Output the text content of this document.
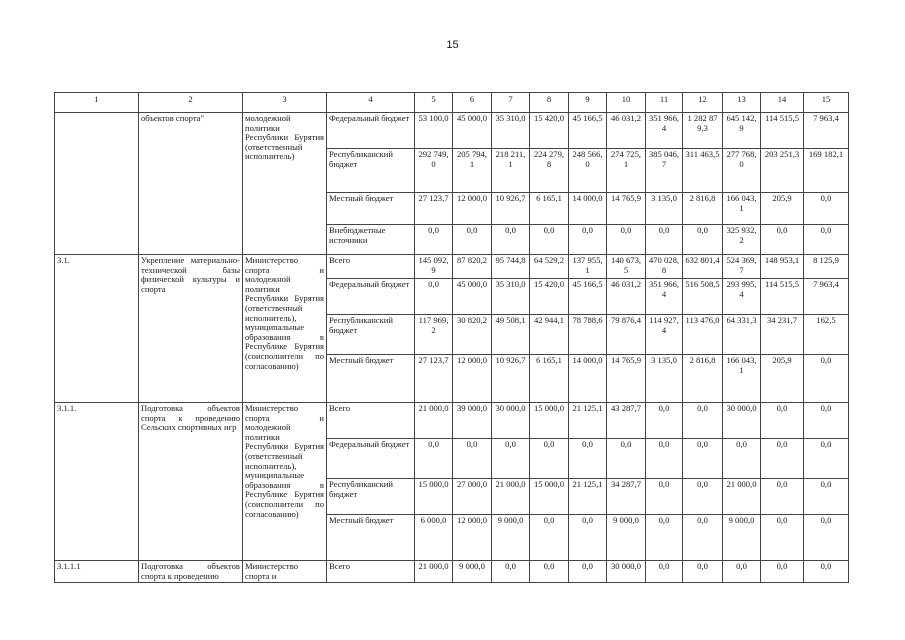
15
1	2	3	4	5	6	7	8	9	10	11	12	13	14	15
	объектов спорта"	молодежной политики Республики Бурятия (ответственный исполнитель)	Федеральный бюджет	53 100,0	45 000,0	35 310,0	15 420,0	45 166,5	46 031,2	351 966,4	1 282 879,3	645 142,9	114 515,5	7 963,4
			Республиканский бюджет	292 749,0	205 794,1	218 211,1	224 279,8	248 566,0	274 725,1	385 046,7	311 463,5	277 768,0	203 251,3	169 182,1
			Местный бюджет	27 123,7	12 000,0	10 926,7	6 165,1	14 000,0	14 765,9	3 135,0	2 816,8	166 043,1	205,9	0,0
			Внебюджетные источники	0,0	0,0	0,0	0,0	0,0	0,0	0,0	0,0	325 932,2	0,0	0,0
3.1.	Укрепление материально-технической базы физической культуры и спорта	Министерство спорта и молодежной политики Республики Бурятия (ответственный исполнитель), муниципальные образования в Республике Бурятия (соисполнители по согласованию)	Всего	145 092,9	87 820,2	95 744,8	64 529,2	137 955,1	140 673,5	470 028,8	632 801,4	524 369,7	148 953,1	8 125,9
			Федеральный бюджет	0,0	45 000,0	35 310,0	15 420,0	45 166,5	46 031,2	351 966,4	516 508,5	293 995,4	114 515,5	7 963,4
			Республиканский бюджет	117 969,2	30 820,2	49 508,1	42 944,1	78 788,6	79 876,4	114 927,4	113 476,0	64 331,3	34 231,7	162,5
			Местный бюджет	27 123,7	12 000,0	10 926,7	6 165,1	14 000,0	14 765,9	3 135,0	2 816,8	166 043,1	205,9	0,0
3.1.1.	Подготовка объектов спорта к проведению Сельских спортивных игр	Министерство спорта и молодежной политики Республики Бурятия (ответственный исполнитель), муниципальные образования в Республике Бурятия (соисполнители по согласованию)	Всего	21 000,0	39 000,0	30 000,0	15 000,0	21 125,1	43 287,7	0,0	0,0	30 000,0	0,0	0,0
			Федеральный бюджет	0,0	0,0	0,0	0,0	0,0	0,0	0,0	0,0	0,0	0,0	0,0
			Республиканский бюджет	15 000,0	27 000,0	21 000,0	15 000,0	21 125,1	34 287,7	0,0	0,0	21 000,0	0,0	0,0
			Местный бюджет	6 000,0	12 000,0	9 000,0	0,0	0,0	9 000,0	0,0	0,0	9 000,0	0,0	0,0
3.1.1.1	Подготовка объектов спорта к проведению	Министерство спорта и	Всего	21 000,0	9 000,0	0,0	0,0	0,0	30 000,0	0,0	0,0	0,0	0,0	0,0
